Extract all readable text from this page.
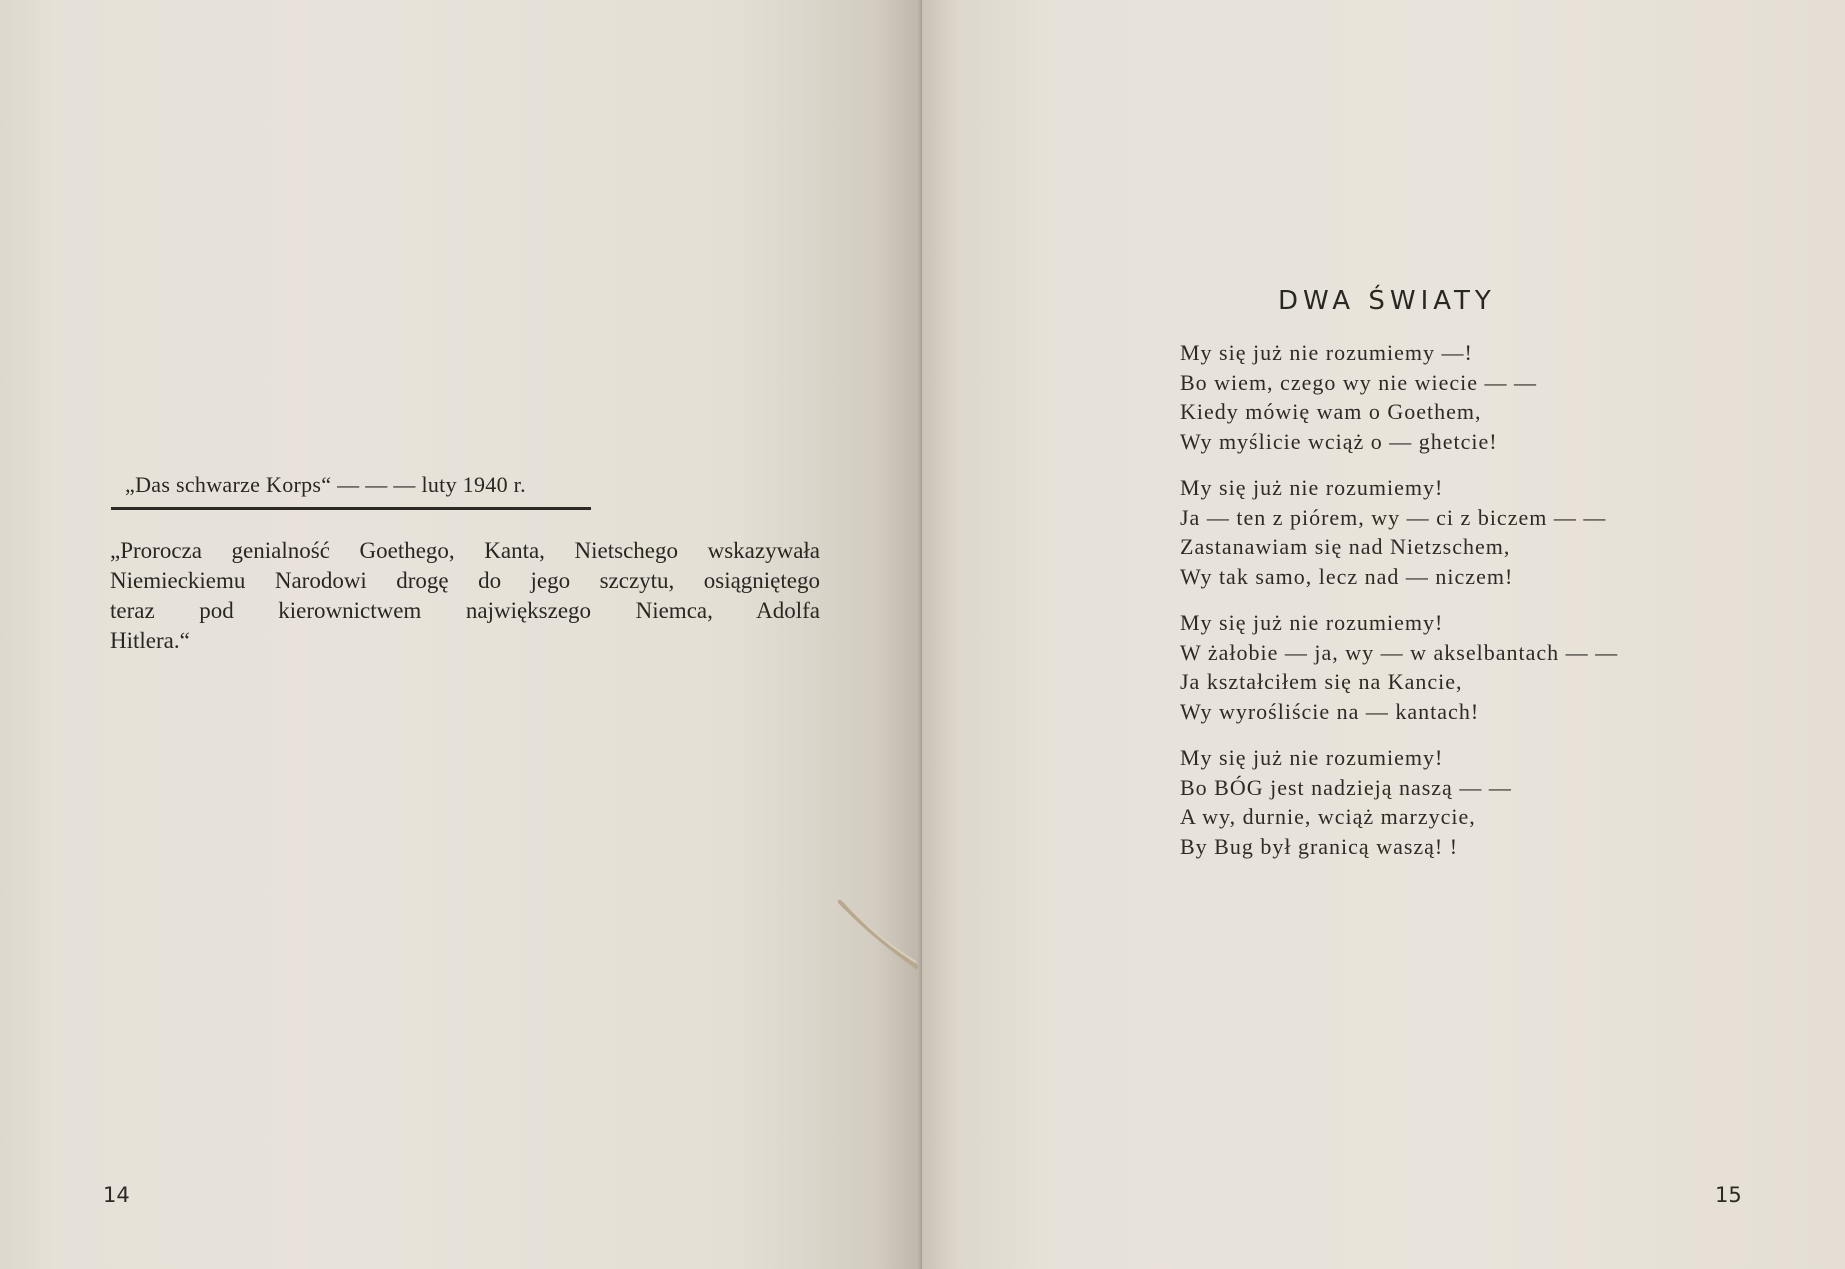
„Das schwarze Korps“ — — — luty 1940 r.
„Prorocza genialność Goethego, Kanta, Nietschego wskazywała
Niemieckiemu Narodowi drogę do jego szczytu, osiągniętego
teraz pod kierownictwem największego Niemca, Adolfa
Hitlera.“
14
DWA ŚWIATY
My się już nie rozumiemy —!
Bo wiem, czego wy nie wiecie — —
Kiedy mówię wam o Goethem,
Wy myślicie wciąż o — ghetcie!
My się już nie rozumiemy!
Ja — ten z piórem, wy — ci z biczem — —
Zastanawiam się nad Nietzschem,
Wy tak samo, lecz nad — niczem!
My się już nie rozumiemy!
W żałobie — ja, wy — w akselbantach — —
Ja kształciłem się na Kancie,
Wy wyrośliście na — kantach!
My się już nie rozumiemy!
Bo BÓG jest nadzieją naszą — —
A wy, durnie, wciąż marzycie,
By Bug był granicą waszą! !
15
